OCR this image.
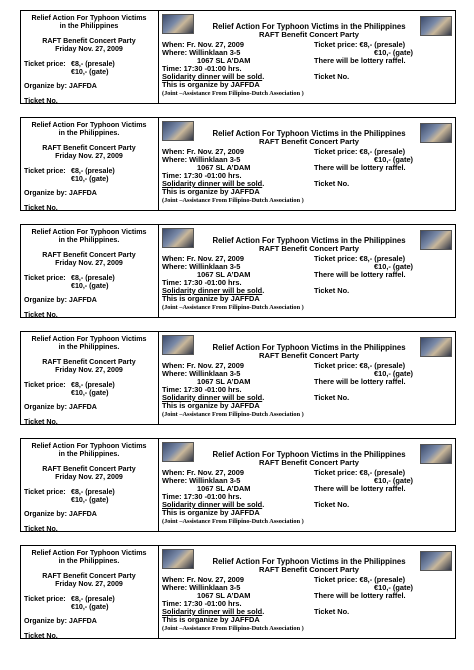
Relief Action For Typhoon Victims
in the Philippines
RAFT Benefit Concert Party
Friday Nov. 27, 2009
Ticket price: €8,- (presale)
€10,- (gate)
Organize by: JAFFDA
Ticket No.
Relief Action For Typhoon Victims in the Philippines
RAFT Benefit Concert Party
When: Fr. Nov. 27, 2009	Ticket price: €8,- (presale)
Where: Willinklaan 3-5	€10,- (gate)
1067 SL A’DAM	There will be lottery raffel.
Time: 17:30 -01:00 hrs.
Solidarity dinner will be sold.	Ticket No.
This is organize by JAFFDA
(Joint –Assistance From Filipino-Dutch Association )
Relief Action For Typhoon Victims
in the Philippines.
RAFT Benefit Concert Party
Friday Nov. 27, 2009
Ticket price: €8,- (presale)
€10,- (gate)
Organize by: JAFFDA
Ticket No.
Relief Action For Typhoon Victims in the Philippines
RAFT Benefit Concert Party
When: Fr. Nov. 27, 2009	Ticket price: €8,- (presale)
Where: Willinklaan 3-5	€10,- (gate)
1067 SL A’DAM	There will be lottery raffel.
Time: 17:30 -01:00 hrs.
Solidarity dinner will be sold.	Ticket No.
This is organize by JAFFDA
(Joint –Assistance From Filipino-Dutch Association )
Relief Action For Typhoon Victims
in the Philippines.
RAFT Benefit Concert Party
Friday Nov. 27, 2009
Ticket price: €8,- (presale)
€10,- (gate)
Organize by: JAFFDA
Ticket No.
Relief Action For Typhoon Victims in the Philippines
RAFT Benefit Concert Party
When: Fr. Nov. 27, 2009	Ticket price: €8,- (presale)
Where: Willinklaan 3-5	€10,- (gate)
1067 SL A’DAM	There will be lottery raffel.
Time: 17:30 -01:00 hrs.
Solidarity dinner will be sold.	Ticket No.
This is organize by JAFFDA
(Joint –Assistance From Filipino-Dutch Association )
Relief Action For Typhoon Victims
in the Philippines.
RAFT Benefit Concert Party
Friday Nov. 27, 2009
Ticket price: €8,- (presale)
€10,- (gate)
Organize by: JAFFDA
Ticket No.
Relief Action For Typhoon Victims in the Philippines
RAFT Benefit Concert Party
When: Fr. Nov. 27, 2009	Ticket price: €8,- (presale)
Where: Willinklaan 3-5	€10,- (gate)
1067 SL A’DAM	There will be lottery raffel.
Time: 17:30 -01:00 hrs.
Solidarity dinner will be sold.	Ticket No.
This is organize by JAFFDA
(Joint –Assistance From Filipino-Dutch Association )
Relief Action For Typhoon Victims
in the Philippines.
RAFT Benefit Concert Party
Friday Nov. 27, 2009
Ticket price: €8,- (presale)
€10,- (gate)
Organize by: JAFFDA
Ticket No.
Relief Action For Typhoon Victims in the Philippines
RAFT Benefit Concert Party
When: Fr. Nov. 27, 2009	Ticket price: €8,- (presale)
Where: Willinklaan 3-5	€10,- (gate)
1067 SL A’DAM	There will be lottery raffel.
Time: 17:30 -01:00 hrs.
Solidarity dinner will be sold.	Ticket No.
This is organize by JAFFDA
(Joint –Assistance From Filipino-Dutch Association )
Relief Action For Typhoon Victims
in the Philippines.
RAFT Benefit Concert Party
Friday Nov. 27, 2009
Ticket price: €8,- (presale)
€10,- (gate)
Organize by: JAFFDA
Ticket No.
Relief Action For Typhoon Victims in the Philippines
RAFT Benefit Concert Party
When: Fr. Nov. 27, 2009	Ticket price: €8,- (presale)
Where: Willinklaan 3-5	€10,- (gate)
1067 SL A’DAM	There will be lottery raffel.
Time: 17:30 -01:00 hrs.
Solidarity dinner will be sold.	Ticket No.
This is organize by JAFFDA
(Joint –Assistance From Filipino-Dutch Association )
